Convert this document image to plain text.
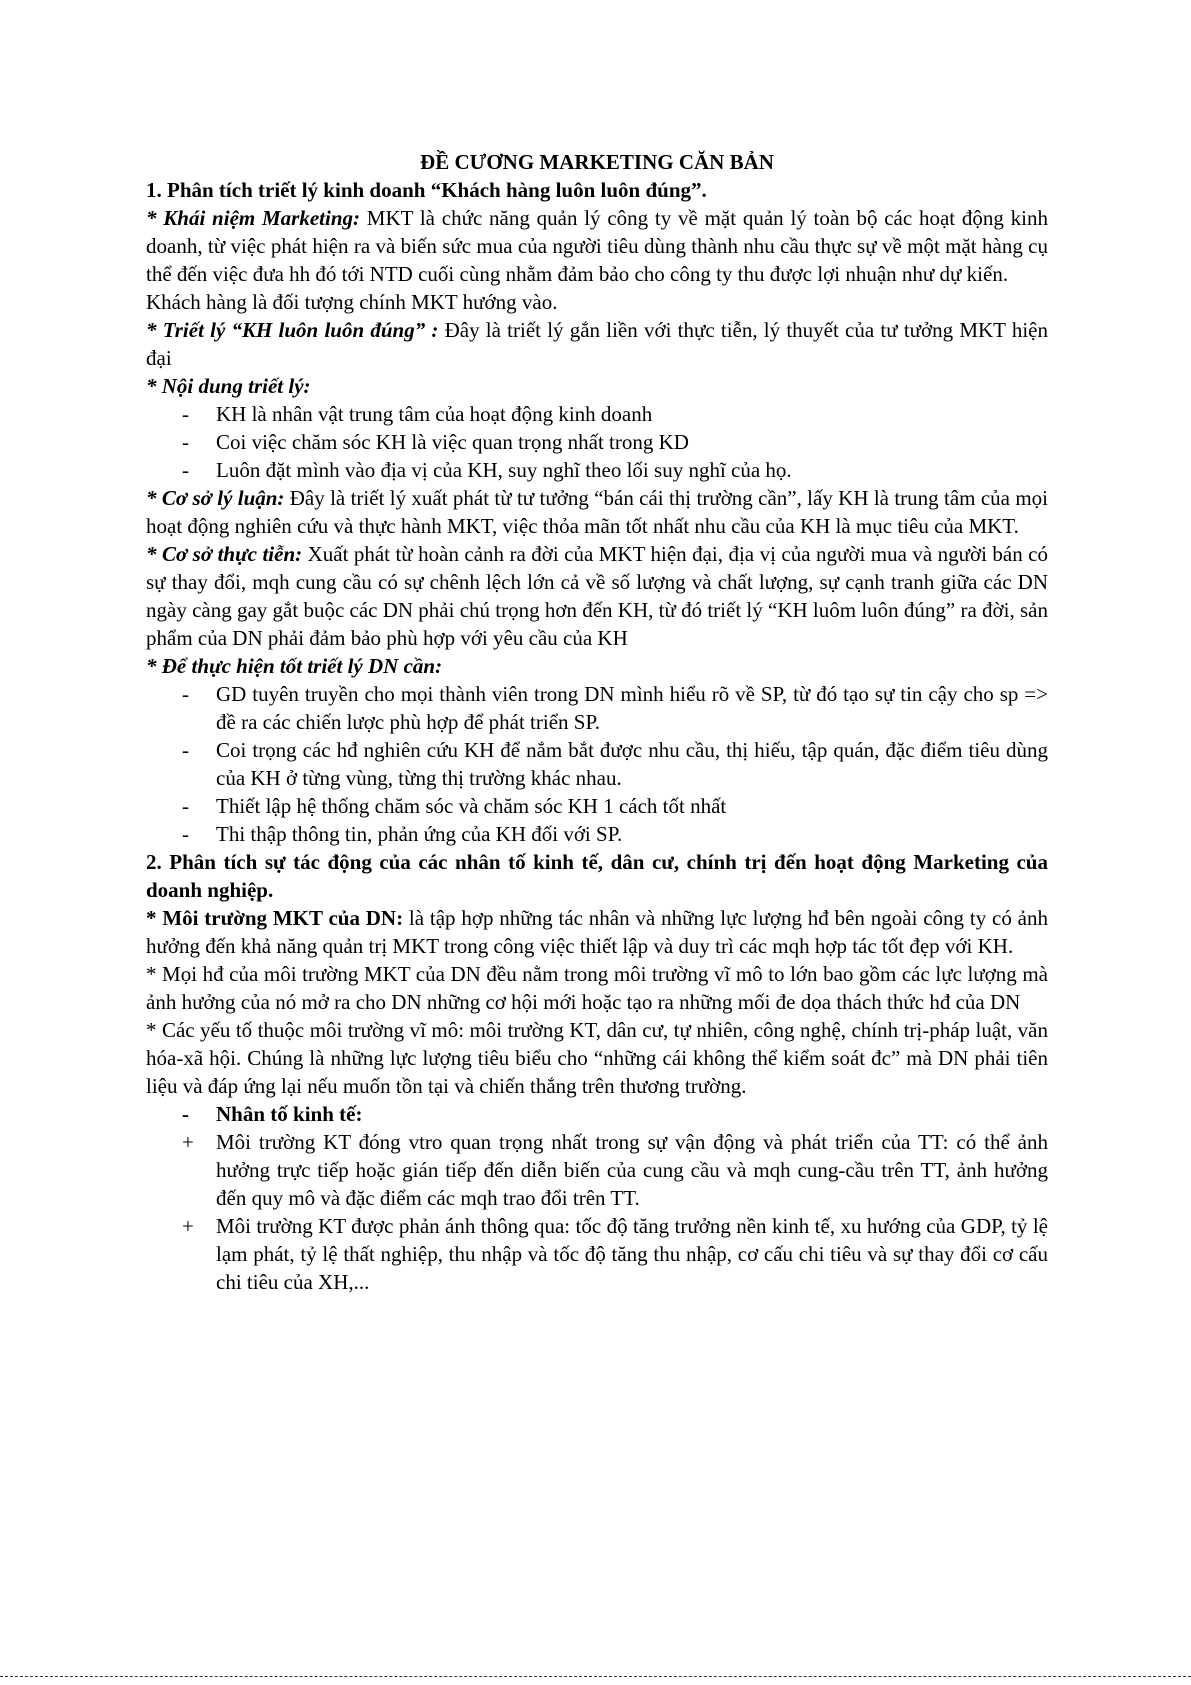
ĐỀ CƯƠNG MARKETING CĂN BẢN

1. Phân tích triết lý kinh doanh “Khách hàng luôn luôn đúng”.

* Khái niệm Marketing: MKT là chức năng quản lý công ty về mặt quản lý toàn bộ các hoạt động kinh doanh, từ việc phát hiện ra và biến sức mua của người tiêu dùng thành nhu cầu thực sự về một mặt hàng cụ thể đến việc đưa hh đó tới NTD cuối cùng nhằm đảm bảo cho công ty thu được lợi nhuận như dự kiến.

Khách hàng là đối tượng chính MKT hướng vào.

* Triết lý “KH luôn luôn đúng” : Đây là triết lý gắn liền với thực tiễn, lý thuyết của tư tưởng MKT hiện đại

* Nội dung triết lý:

-	KH là nhân vật trung tâm của hoạt động kinh doanh
-	Coi việc chăm sóc KH là việc quan trọng nhất trong KD
-	Luôn đặt mình vào địa vị của KH, suy nghĩ theo lối suy nghĩ của họ.

* Cơ sở lý luận: Đây là triết lý xuất phát từ tư tưởng “bán cái thị trường cần”, lấy KH là trung tâm của mọi hoạt động nghiên cứu và thực hành MKT, việc thỏa mãn tốt nhất nhu cầu của KH là mục tiêu của MKT.

* Cơ sở thực tiễn: Xuất phát từ hoàn cảnh ra đời của MKT hiện đại, địa vị của người mua và người bán có sự thay đổi, mqh cung cầu có sự chênh lệch lớn cả về số lượng và chất lượng, sự cạnh tranh giữa các DN ngày càng gay gắt buộc các DN phải chú trọng hơn đến KH, từ đó triết lý “KH luôm luôn đúng” ra đời, sản phẩm của DN phải đảm bảo phù hợp với yêu cầu của KH

* Để thực hiện tốt triết lý DN cần:

-	GD tuyên truyền cho mọi thành viên trong DN mình hiểu rõ về SP, từ đó tạo sự tin cậy cho sp => đề ra các chiến lược phù hợp để phát triển SP.
-	Coi trọng các hđ nghiên cứu KH để nắm bắt được nhu cầu, thị hiếu, tập quán, đặc điểm tiêu dùng của KH ở từng vùng, từng thị trường khác nhau.
-	Thiết lập hệ thống chăm sóc và chăm sóc KH 1 cách tốt nhất
-	Thi thập thông tin, phản ứng của KH đối với SP.

2. Phân tích sự tác động của các nhân tố kinh tế, dân cư, chính trị đến hoạt động Marketing của doanh nghiệp.

* Môi trường MKT của DN: là tập hợp những tác nhân và những lực lượng hđ bên ngoài công ty có ảnh hưởng đến khả năng quản trị MKT trong công việc thiết lập và duy trì các mqh hợp tác tốt đẹp với KH.

* Mọi hđ của môi trường MKT của DN đều nằm trong môi trường vĩ mô to lớn bao gồm các lực lượng mà ảnh hưởng của nó mở ra cho DN những cơ hội mới hoặc tạo ra những mối đe dọa thách thức hđ của DN

* Các yếu tố thuộc môi trường vĩ mô: môi trường KT, dân cư, tự nhiên, công nghệ, chính trị-pháp luật, văn hóa-xã hội. Chúng là những lực lượng tiêu biểu cho “những cái không thể kiểm soát đc” mà DN phải tiên liệu và đáp ứng lại nếu muốn tồn tại và chiến thắng trên thương trường.

-	Nhân tố kinh tế:
+	Môi trường KT đóng vtro quan trọng nhất trong sự vận động và phát triển của TT: có thể ảnh hưởng trực tiếp hoặc gián tiếp đến diễn biến của cung cầu và mqh cung-cầu trên TT, ảnh hưởng đến quy mô và đặc điểm các mqh trao đổi trên TT.
+	Môi trường KT được phản ánh thông qua: tốc độ tăng trưởng nền kinh tế, xu hướng của GDP, tỷ lệ lạm phát, tỷ lệ thất nghiệp, thu nhập và tốc độ tăng thu nhập, cơ cấu chi tiêu và sự thay đổi cơ cấu chi tiêu của XH,...
